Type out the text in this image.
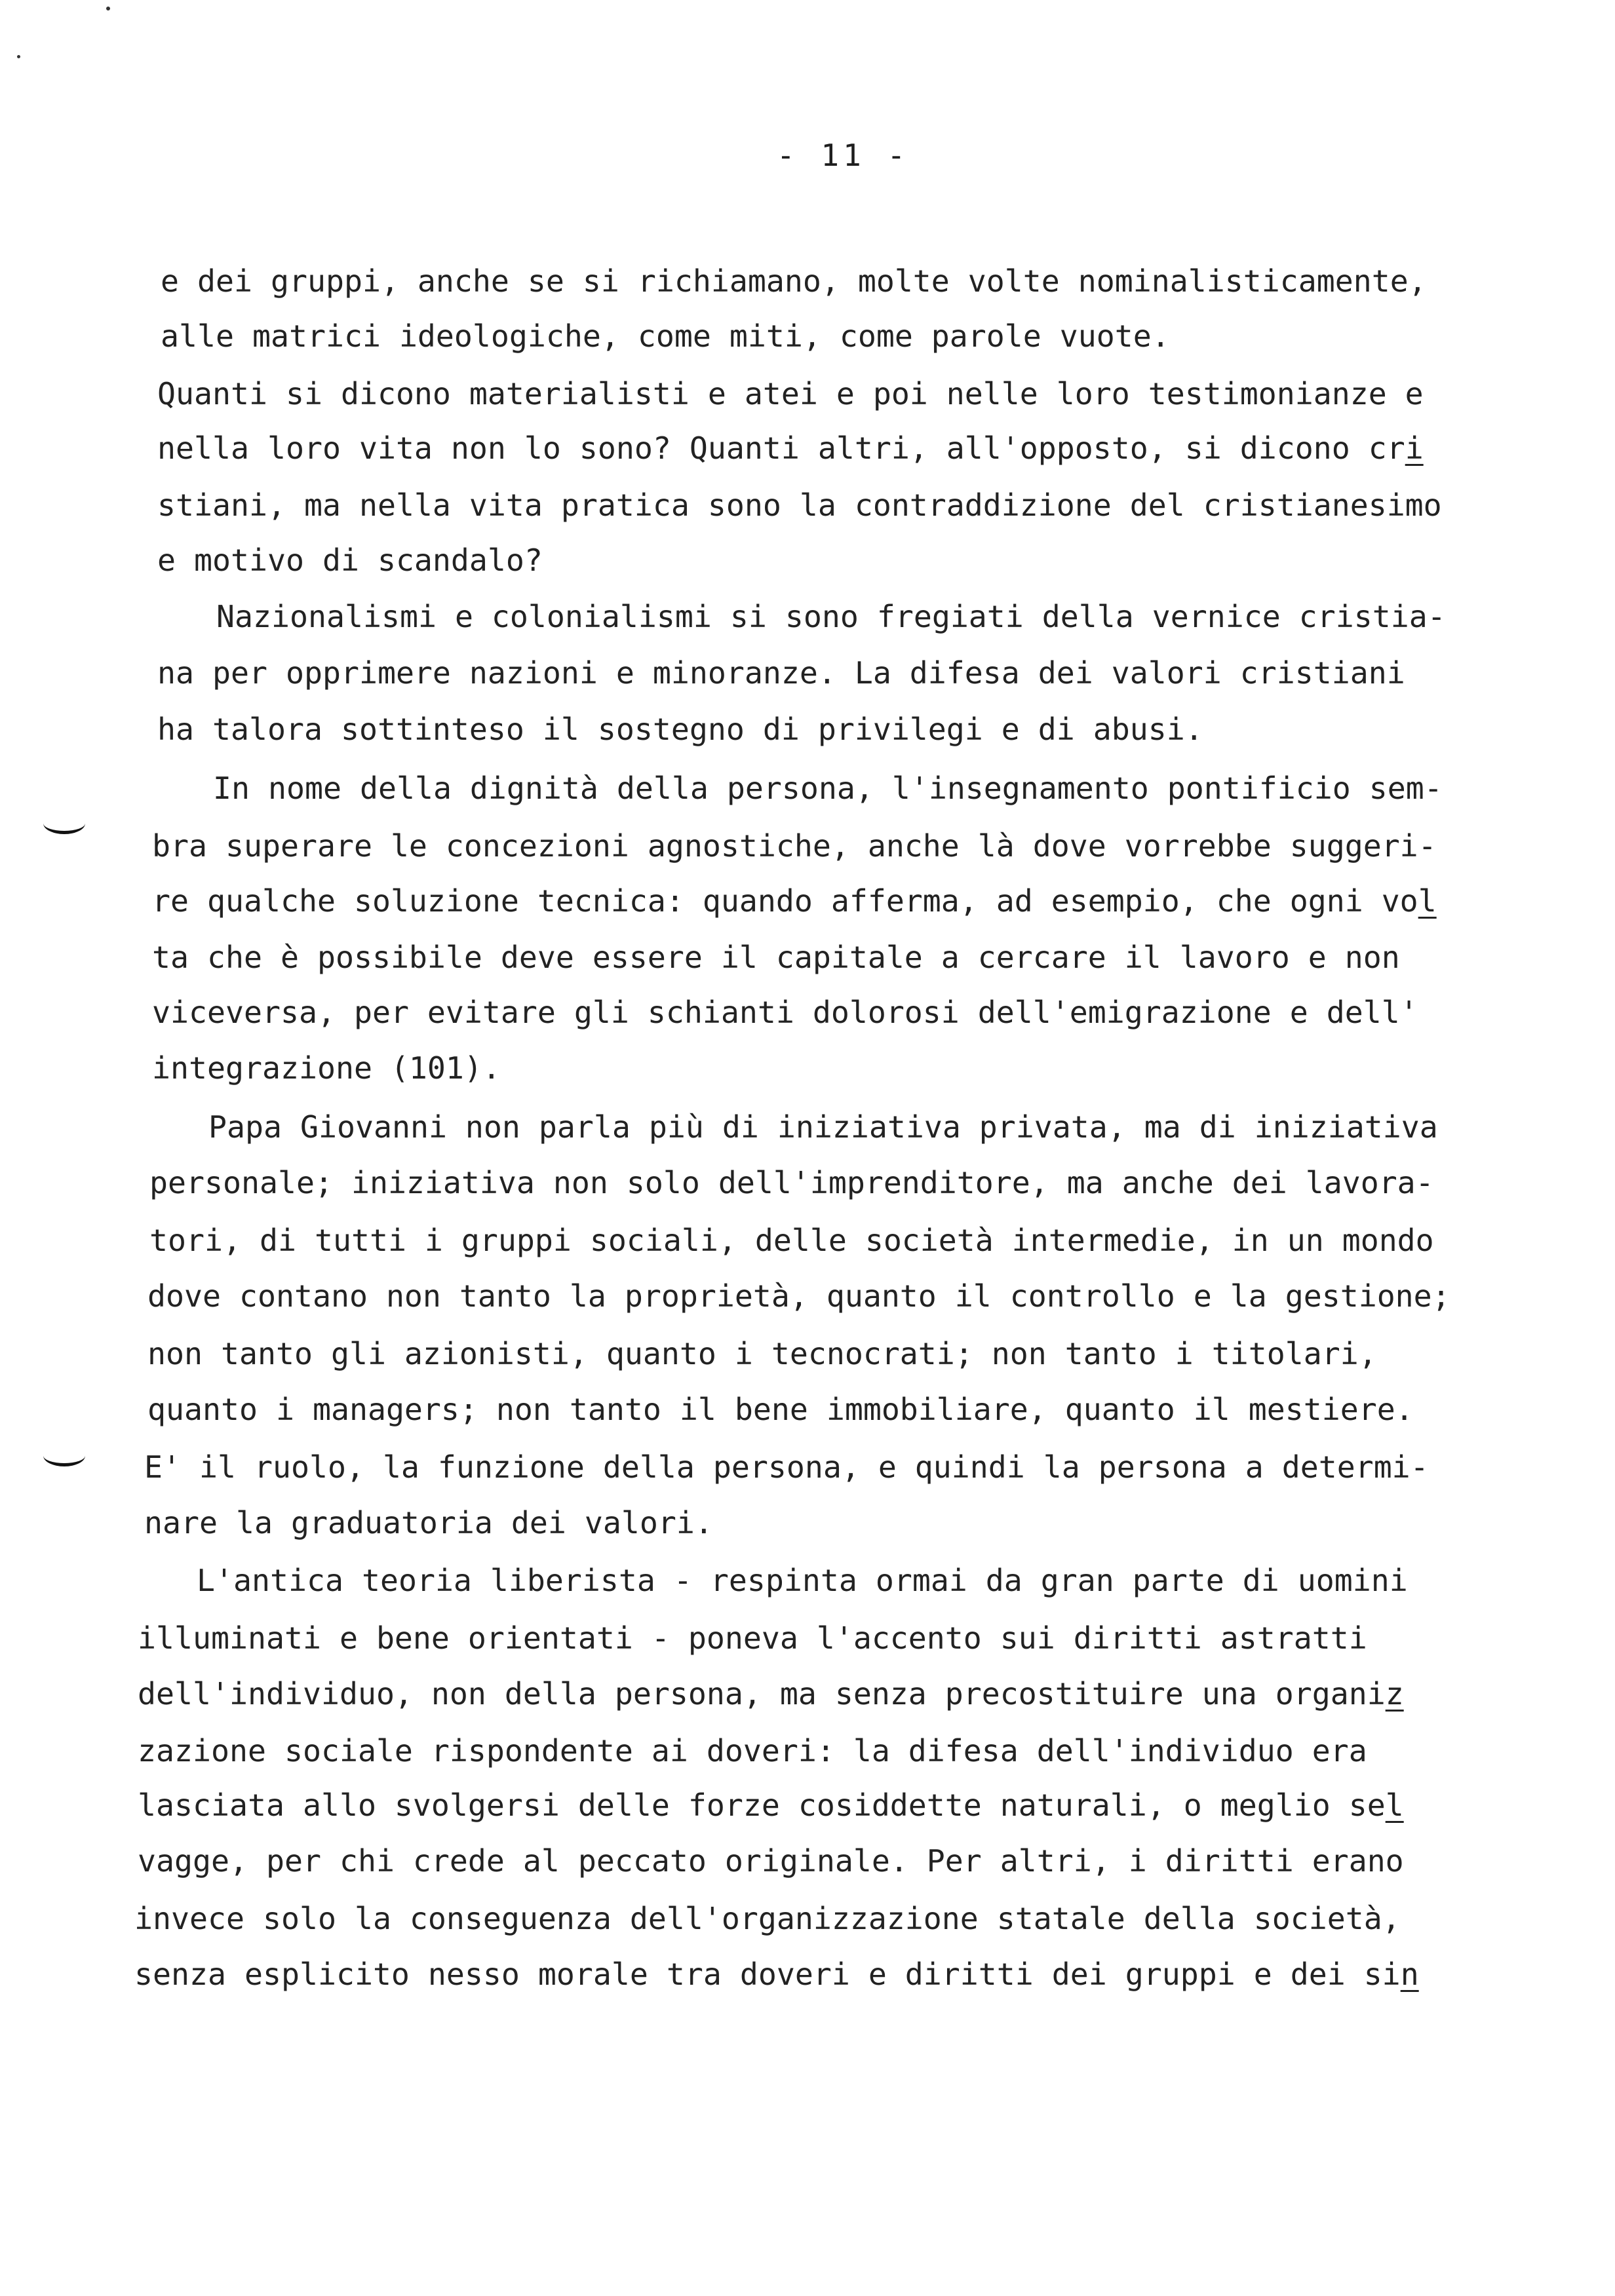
- 11 -
e dei gruppi, anche se si richiamano, molte volte nominalisticamente,
alle matrici ideologiche, come miti, come parole vuote.
Quanti si dicono materialisti e atei e poi nelle loro testimonianze e
nella loro vita non lo sono? Quanti altri, all'opposto, si dicono cri
stiani, ma nella vita pratica sono la contraddizione del cristianesimo
e motivo di scandalo?
Nazionalismi e colonialismi si sono fregiati della vernice cristia-
na per opprimere nazioni e minoranze. La difesa dei valori cristiani
ha talora sottinteso il sostegno di privilegi e di abusi.
In nome della dignità della persona, l'insegnamento pontificio sem-
bra superare le concezioni agnostiche, anche là dove vorrebbe suggeri-
re qualche soluzione tecnica: quando afferma, ad esempio, che ogni vol
ta che è possibile deve essere il capitale a cercare il lavoro e non
viceversa, per evitare gli schianti dolorosi dell'emigrazione e dell'
integrazione (101).
Papa Giovanni non parla più di iniziativa privata, ma di iniziativa
personale; iniziativa non solo dell'imprenditore, ma anche dei lavora-
tori, di tutti i gruppi sociali, delle società intermedie, in un mondo
dove contano non tanto la proprietà, quanto il controllo e la gestione;
non tanto gli azionisti, quanto i tecnocrati; non tanto i titolari,
quanto i managers; non tanto il bene immobiliare, quanto il mestiere.
E' il ruolo, la funzione della persona, e quindi la persona a determi-
nare la graduatoria dei valori.
L'antica teoria liberista - respinta ormai da gran parte di uomini
illuminati e bene orientati - poneva l'accento sui diritti astratti
dell'individuo, non della persona, ma senza precostituire una organiz
zazione sociale rispondente ai doveri: la difesa dell'individuo era
lasciata allo svolgersi delle forze cosiddette naturali, o meglio sel
vagge, per chi crede al peccato originale. Per altri, i diritti erano
invece solo la conseguenza dell'organizzazione statale della società,
senza esplicito nesso morale tra doveri e diritti dei gruppi e dei sin
